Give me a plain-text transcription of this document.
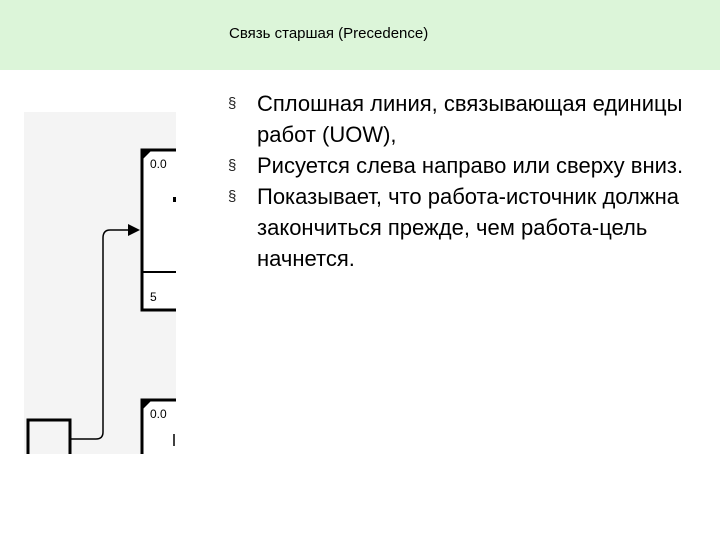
Связь старшая (Precedence)
0.0
5
0.0
§ Сплошная линия, связывающая единицы работ (UOW),
§ Рисуется слева направо или сверху вниз.
§ Показывает, что работа-источник должна закончиться прежде, чем работа-цель начнется.
